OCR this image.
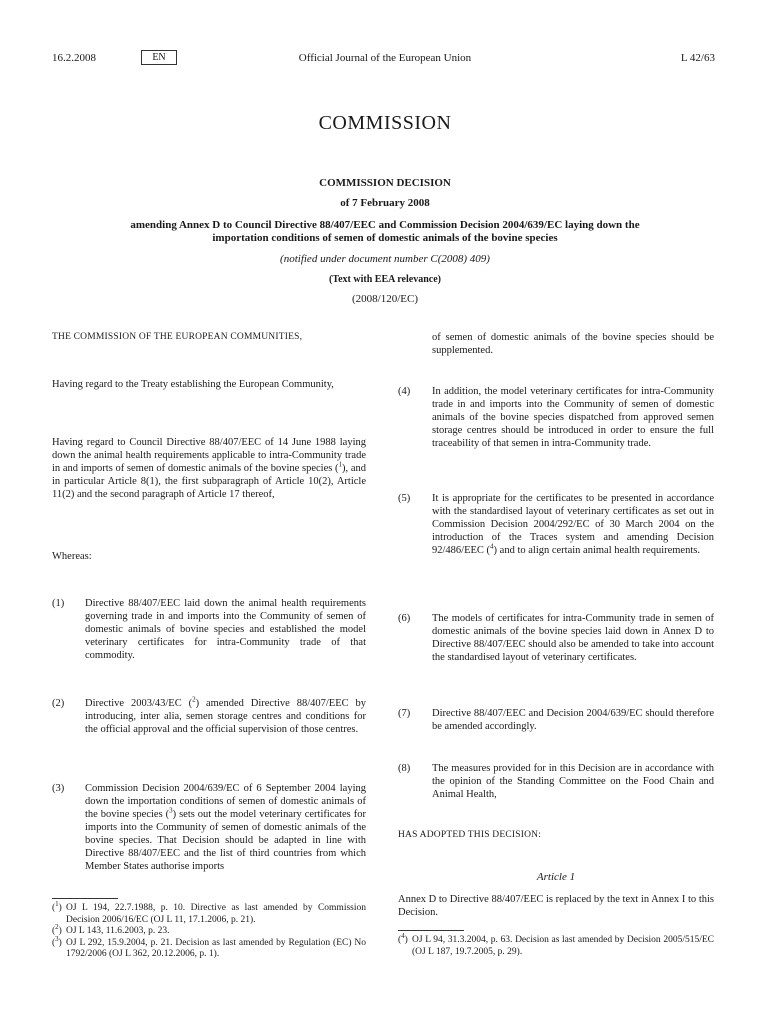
16.2.2008	EN	Official Journal of the European Union	L 42/63
COMMISSION
COMMISSION DECISION
of 7 February 2008
amending Annex D to Council Directive 88/407/EEC and Commission Decision 2004/639/EC laying down the importation conditions of semen of domestic animals of the bovine species
(notified under document number C(2008) 409)
(Text with EEA relevance)
(2008/120/EC)
THE COMMISSION OF THE EUROPEAN COMMUNITIES,
Having regard to the Treaty establishing the European Community,
Having regard to Council Directive 88/407/EEC of 14 June 1988 laying down the animal health requirements applicable to intra-Community trade in and imports of semen of domestic animals of the bovine species ($^1$), and in particular Article 8(1), the first subparagraph of Article 10(2), Article 11(2) and the second paragraph of Article 17 thereof,
Whereas:
(1)	Directive 88/407/EEC laid down the animal health requirements governing trade in and imports into the Community of semen of domestic animals of bovine species and established the model veterinary certificates for intra-Community trade of that commodity.
(2)	Directive 2003/43/EC ($^2$) amended Directive 88/407/EEC by introducing, inter alia, semen storage centres and conditions for the official approval and the official supervision of those centres.
(3)	Commission Decision 2004/639/EC of 6 September 2004 laying down the importation conditions of semen of domestic animals of the bovine species ($^3$) sets out the model veterinary certificates for imports into the Community of semen of domestic animals of the bovine species. That Decision should be adapted in line with Directive 88/407/EEC and the list of third countries from which Member States authorise imports
($^1$) OJ L 194, 22.7.1988, p. 10. Directive as last amended by Commission Decision 2006/16/EC (OJ L 11, 17.1.2006, p. 21).
($^2$) OJ L 143, 11.6.2003, p. 23.
($^3$) OJ L 292, 15.9.2004, p. 21. Decision as last amended by Regulation (EC) No 1792/2006 (OJ L 362, 20.12.2006, p. 1).
of semen of domestic animals of the bovine species should be supplemented.
(4)	In addition, the model veterinary certificates for intra-Community trade in and imports into the Community of semen of domestic animals of the bovine species dispatched from approved semen storage centres should be introduced in order to ensure the full traceability of that semen in intra-Community trade.
(5)	It is appropriate for the certificates to be presented in accordance with the standardised layout of veterinary certificates as set out in Commission Decision 2004/292/EC of 30 March 2004 on the introduction of the Traces system and amending Decision 92/486/EEC ($^4$) and to align certain animal health requirements.
(6)	The models of certificates for intra-Community trade in semen of domestic animals of the bovine species laid down in Annex D to Directive 88/407/EEC should also be amended to take into account the standardised layout of veterinary certificates.
(7)	Directive 88/407/EEC and Decision 2004/639/EC should therefore be amended accordingly.
(8)	The measures provided for in this Decision are in accordance with the opinion of the Standing Committee on the Food Chain and Animal Health,
HAS ADOPTED THIS DECISION:
Article 1
Annex D to Directive 88/407/EEC is replaced by the text in Annex I to this Decision.
($^4$) OJ L 94, 31.3.2004, p. 63. Decision as last amended by Decision 2005/515/EC (OJ L 187, 19.7.2005, p. 29).
